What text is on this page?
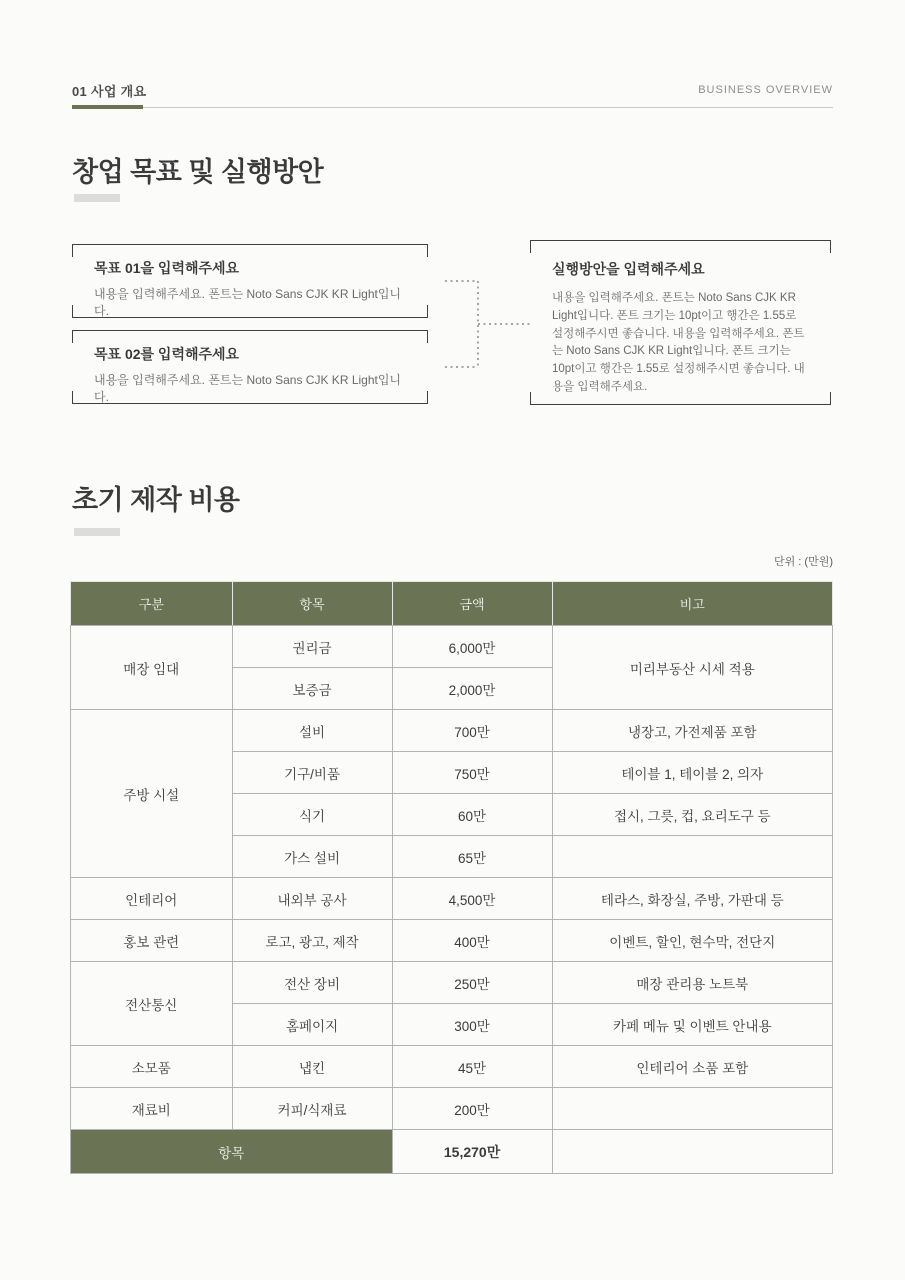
01 사업 개요	BUSINESS OVERVIEW
창업 목표 및 실행방안
목표 01을 입력해주세요
내용을 입력해주세요. 폰트는 Noto Sans CJK KR Light입니다.
목표 02를 입력해주세요
내용을 입력해주세요. 폰트는 Noto Sans CJK KR Light입니다.
실행방안을 입력해주세요
내용을 입력해주세요. 폰트는 Noto Sans CJK KR Light입니다. 폰트 크기는 10pt이고 행간은 1.55로 설정해주시면 좋습니다. 내용을 입력해주세요. 폰트는 Noto Sans CJK KR Light입니다. 폰트 크기는 10pt이고 행간은 1.55로 설정해주시면 좋습니다. 내용을 입력해주세요.
초기 제작 비용
단위 : (만원)
구분	항목	금액	비고
매장 임대	권리금	6,000만	미리부동산 시세 적용
	보증금	2,000만	
주방 시설	설비	700만	냉장고, 가전제품 포함
	기구/비품	750만	테이블 1, 테이블 2, 의자
	식기	60만	접시, 그릇, 컵, 요리도구 등
	가스 설비	65만	
인테리어	내외부 공사	4,500만	테라스, 화장실, 주방, 가판대 등
홍보 관련	로고, 광고, 제작	400만	이벤트, 할인, 현수막, 전단지
전산통신	전산 장비	250만	매장 관리용 노트북
	홈페이지	300만	카페 메뉴 및 이벤트 안내용
소모품	냅킨	45만	인테리어 소품 포함
재료비	커피/식재료	200만	
항목		15,270만	
